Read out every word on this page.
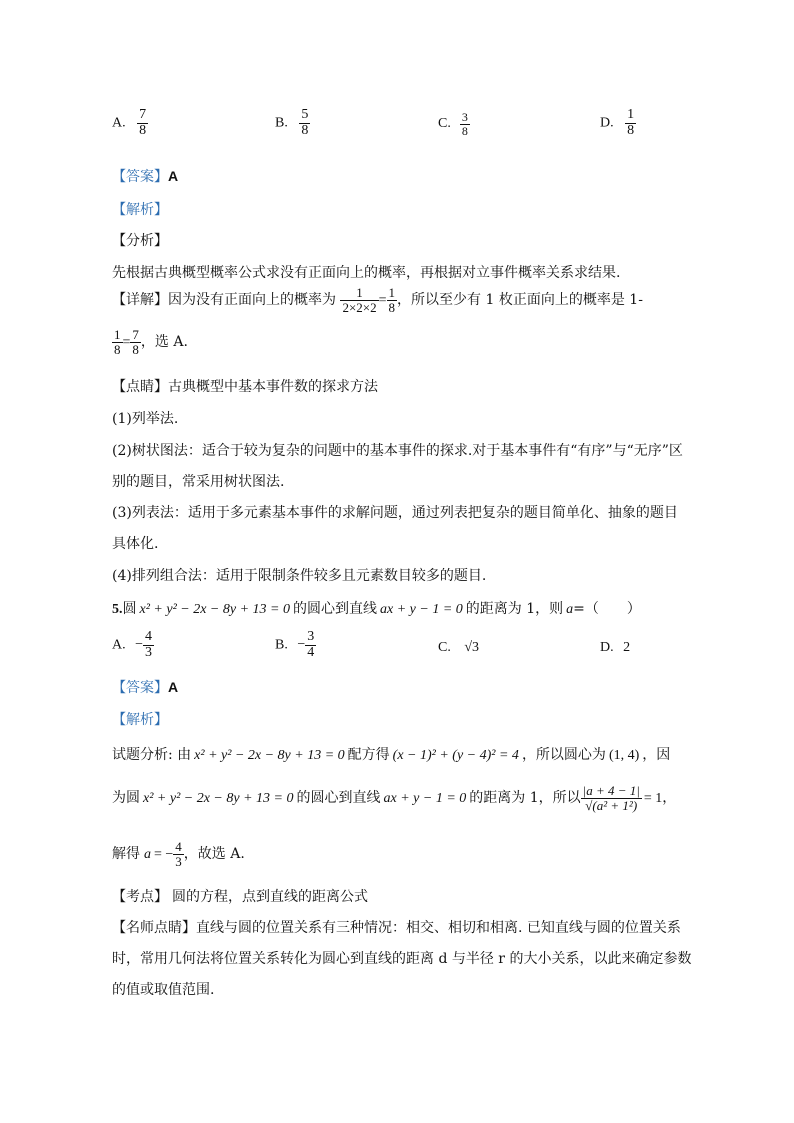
A. $\frac{7}{8}$	B. $\frac{5}{8}$	C. $\frac{3}{8}$	D. $\frac{1}{8}$
【答案】A
【解析】
【分析】
先根据古典概型概率公式求没有正面向上的概率，再根据对立事件概率关系求结果.
【详解】因为没有正面向上的概率为 $\frac{1}{2\times 2\times 2} = \frac{1}{8}$ ，所以至少有 1 枚正面向上的概率是 1-
$\frac{1}{8} = \frac{7}{8}$ ，选 A.
【点睛】古典概型中基本事件数的探求方法
(1)列举法.
(2)树状图法：适合于较为复杂的问题中的基本事件的探求.对于基本事件有“有序”与“无序”区
别的题目，常采用树状图法.
(3)列表法：适用于多元素基本事件的求解问题，通过列表把复杂的题目简单化、抽象的题目
具体化.
(4)排列组合法：适用于限制条件较多且元素数目较多的题目.
5.圆 x² + y² − 2x − 8y + 13 = 0 的圆心到直线 ax + y − 1 = 0 的距离为 1，则 a=（　　）
A. − $\frac{4}{3}$	B. − $\frac{3}{4}$	C. √3	D. 2
【答案】A
【解析】
试题分析: 由 x² + y² − 2x − 8y + 13 = 0 配方得 (x − 1)² + (y − 4)² = 4 ，所以圆心为 (1, 4) ，因
为圆 x² + y² − 2x − 8y + 13 = 0 的圆心到直线 ax + y − 1 = 0 的距离为 1，所以 $\frac{|a + 4 - 1|}{\text{√(a² + 1²)}} = 1$，
解得 a = − $\frac{4}{3}$ ，故选 A.
【考点】 圆的方程，点到直线的距离公式
【名师点睛】直线与圆的位置关系有三种情况：相交、相切和相离. 已知直线与圆的位置关系
时，常用几何法将位置关系转化为圆心到直线的距离 d 与半径 r 的大小关系，以此来确定参数
的值或取值范围.
